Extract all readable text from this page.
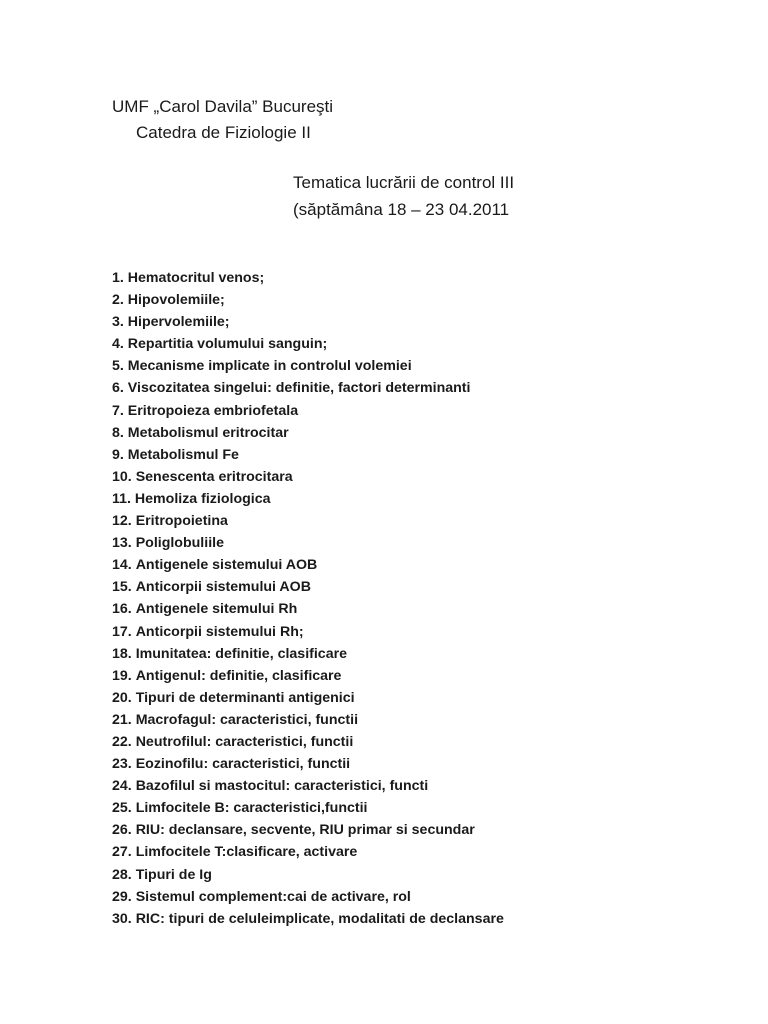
UMF „Carol Davila” Bucureşti
Catedra de Fiziologie II
Tematica lucrării de control III
(săptămâna 18 – 23 04.2011
1. Hematocritul venos;
2. Hipovolemiile;
3. Hipervolemiile;
4. Repartitia volumului sanguin;
5. Mecanisme implicate in controlul volemiei
6. Viscozitatea singelui: definitie, factori determinanti
7. Eritropoieza embriofetala
8. Metabolismul eritrocitar
9. Metabolismul Fe
10. Senescenta eritrocitara
11. Hemoliza fiziologica
12. Eritropoietina
13. Poliglobuliile
14. Antigenele sistemului AOB
15. Anticorpii sistemului AOB
16. Antigenele sitemului Rh
17. Anticorpii sistemului Rh;
18. Imunitatea: definitie, clasificare
19. Antigenul: definitie, clasificare
20. Tipuri de determinanti antigenici
21. Macrofagul: caracteristici, functii
22. Neutrofilul: caracteristici, functii
23. Eozinofilu: caracteristici, functii
24. Bazofilul si mastocitul: caracteristici, functi
25. Limfocitele B: caracteristici,functii
26. RIU: declansare, secvente, RIU primar si secundar
27. Limfocitele T:clasificare, activare
28. Tipuri de Ig
29. Sistemul complement:cai de activare, rol
30. RIC: tipuri de celuleimplicate, modalitati de declansare
